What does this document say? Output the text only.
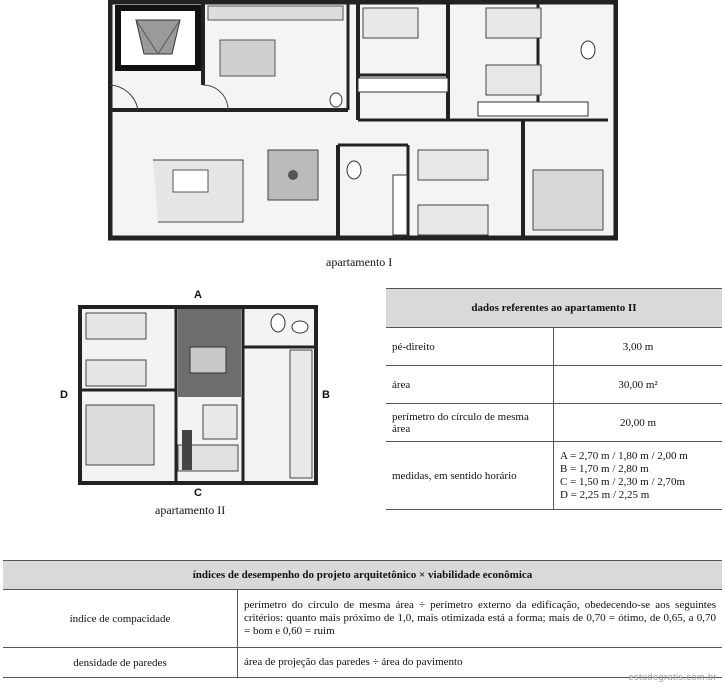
apartamento I
A
B
C
D
apartamento II
dados referentes ao apartamento II	
pé-direito	3,00 m
área	30,00 m²
perímetro do círculo de mesma área	20,00 m
medidas, em sentido horário	A = 2,70 m / 1,80 m / 2,00 m
B = 1,70 m / 2,80 m
C = 1,50 m / 2,30 m / 2,70m
D = 2,25 m / 2,25 m
índices de desempenho do projeto arquitetônico × viabilidade econômica	
índice de compacidade	perímetro do círculo de mesma área ÷ perímetro externo da edificação, obedecendo-se aos seguintes critérios: quanto mais próximo de 1,0, mais otimizada está a forma; mais de 0,70 = ótimo, de 0,65, a 0,70 = bom e 0,60 = ruim
densidade de paredes	área de projeção das paredes ÷ área do pavimento
estudegratis.com.br
